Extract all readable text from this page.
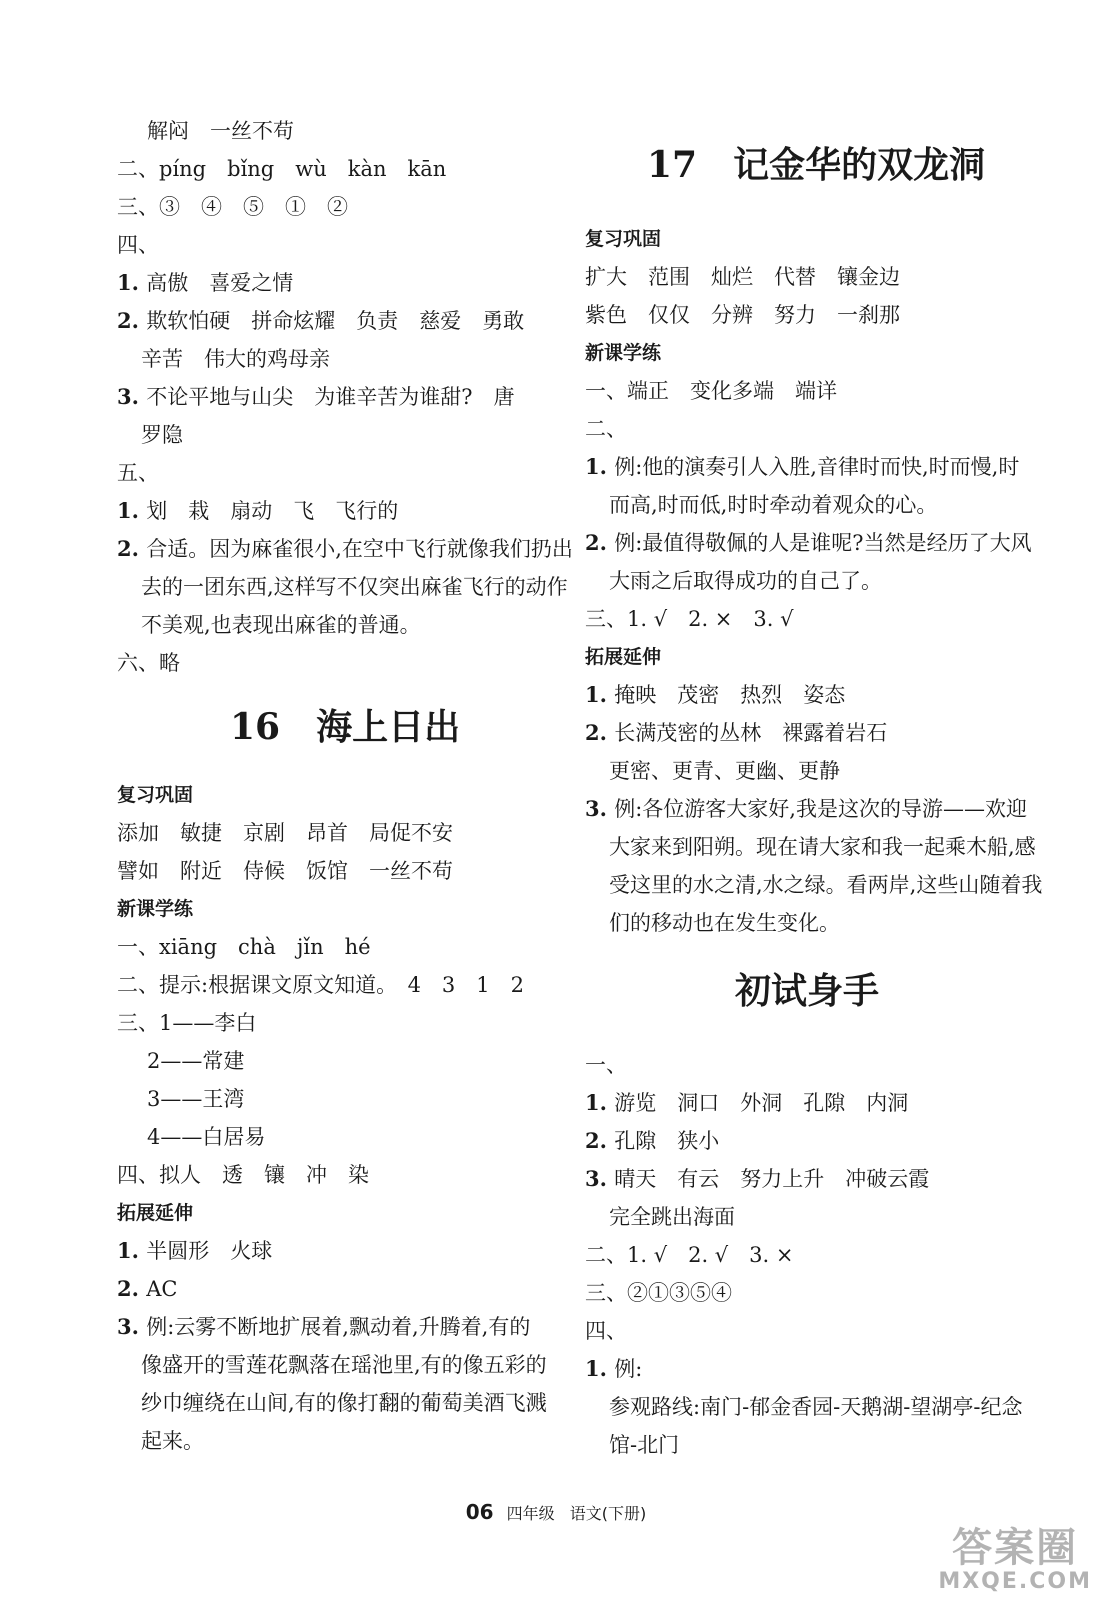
解闷　一丝不苟
二、píng　bǐng　wù　kàn　kān
三、③　④　⑤　①　②
四、
1. 高傲　喜爱之情
2. 欺软怕硬　拼命炫耀　负责　慈爱　勇敢
辛苦　伟大的鸡母亲
3. 不论平地与山尖　为谁辛苦为谁甜?　唐
罗隐
五、
1. 划　栽　扇动　飞　飞行的
2. 合适。因为麻雀很小,在空中飞行就像我们扔出
去的一团东西,这样写不仅突出麻雀飞行的动作
不美观,也表现出麻雀的普通。
六、略
16　海上日出
复习巩固
添加　敏捷　京剧　昂首　局促不安
譬如　附近　侍候　饭馆　一丝不苟
新课学练
一、xiāng　chà　jǐn　hé
二、提示:根据课文原文知道。　4　3　1　2
三、1——李白
2——常建
3——王湾
4——白居易
四、拟人　透　镶　冲　染
拓展延伸
1. 半圆形　火球
2. AC
3. 例:云雾不断地扩展着,飘动着,升腾着,有的
像盛开的雪莲花飘落在瑶池里,有的像五彩的
纱巾缠绕在山间,有的像打翻的葡萄美酒飞溅
起来。
17　记金华的双龙洞
复习巩固
扩大　范围　灿烂　代替　镶金边
紫色　仅仅　分辨　努力　一刹那
新课学练
一、端正　变化多端　端详
二、
1. 例:他的演奏引人入胜,音律时而快,时而慢,时
而高,时而低,时时牵动着观众的心。
2. 例:最值得敬佩的人是谁呢?当然是经历了大风
大雨之后取得成功的自己了。
三、1. √　2. ×　3. √
拓展延伸
1. 掩映　茂密　热烈　姿态
2. 长满茂密的丛林　裸露着岩石
更密、更青、更幽、更静
3. 例:各位游客大家好,我是这次的导游——欢迎
大家来到阳朔。现在请大家和我一起乘木船,感
受这里的水之清,水之绿。看两岸,这些山随着我
们的移动也在发生变化。
初试身手
一、
1. 游览　洞口　外洞　孔隙　内洞
2. 孔隙　狭小
3. 晴天　有云　努力上升　冲破云霞
完全跳出海面
二、1. √　2. √　3. ×
三、②①③⑤④
四、
1. 例:
参观路线:南门-郁金香园-天鹅湖-望湖亭-纪念
馆-北门
06 四年级 语文(下册)
答案圈
MXQE.COM
